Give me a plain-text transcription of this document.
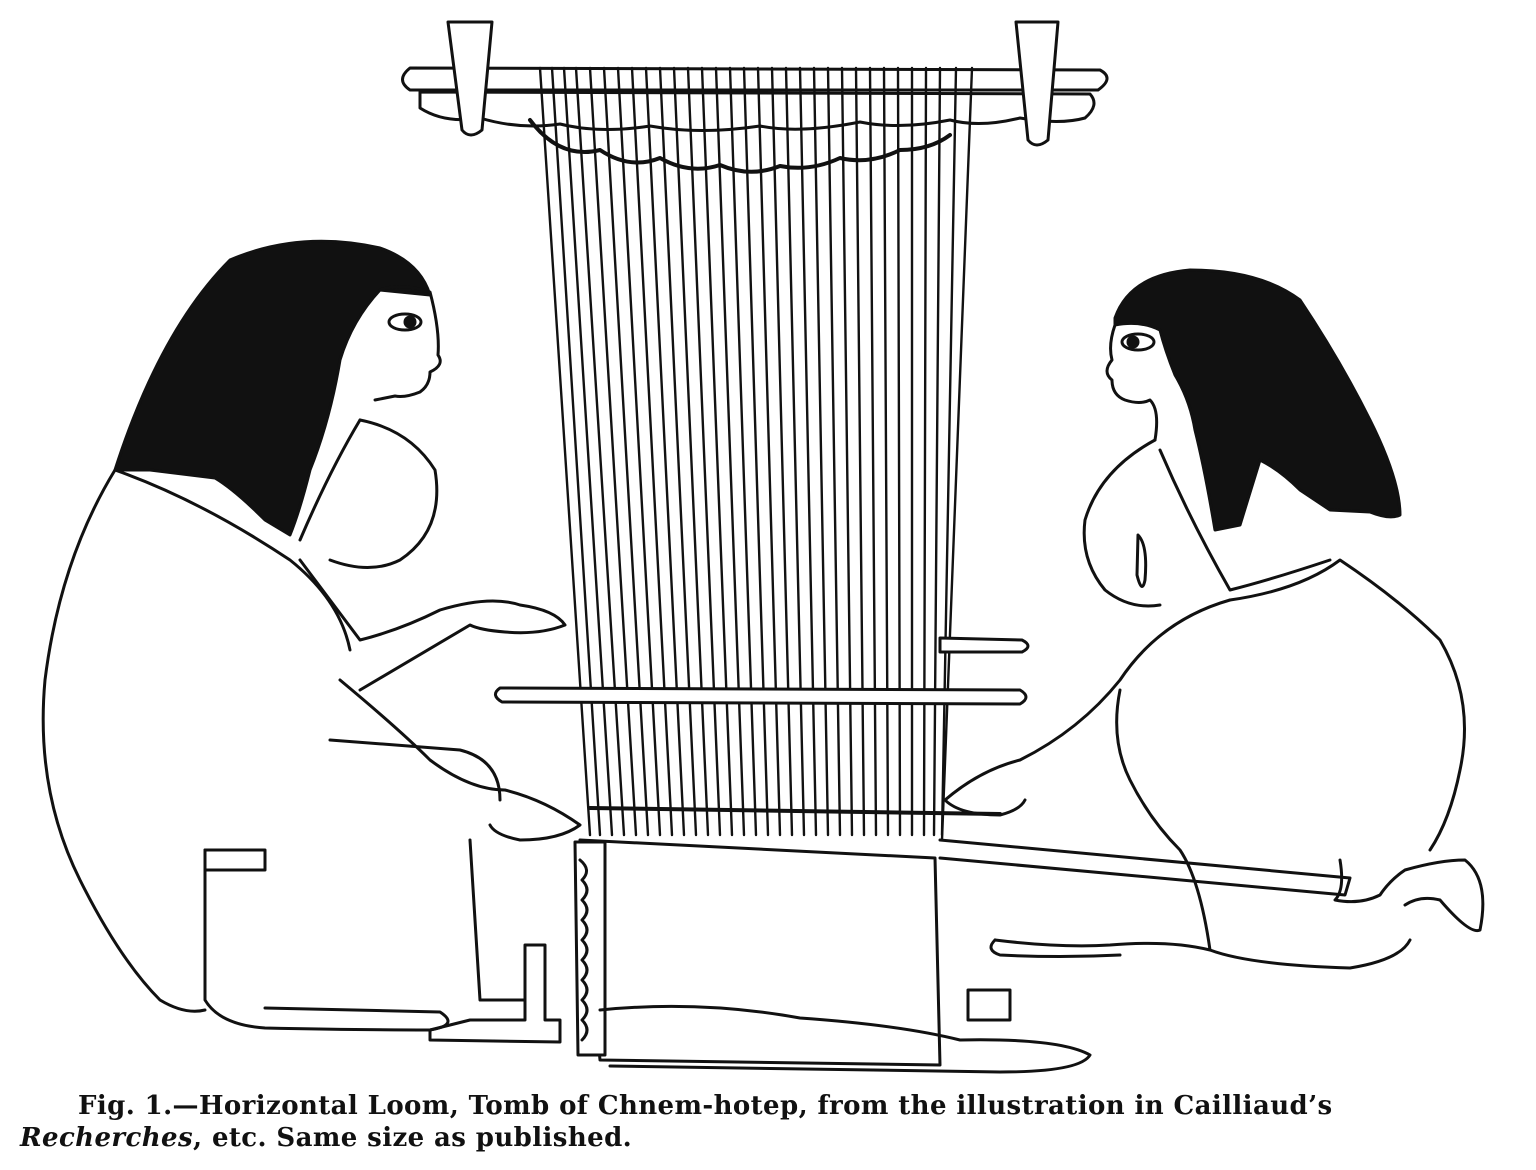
Fig. 1.—Horizontal Loom, Tomb of Chnem-hotep, from the illustration in Cailliaud’s
Recherches, etc. Same size as published.
